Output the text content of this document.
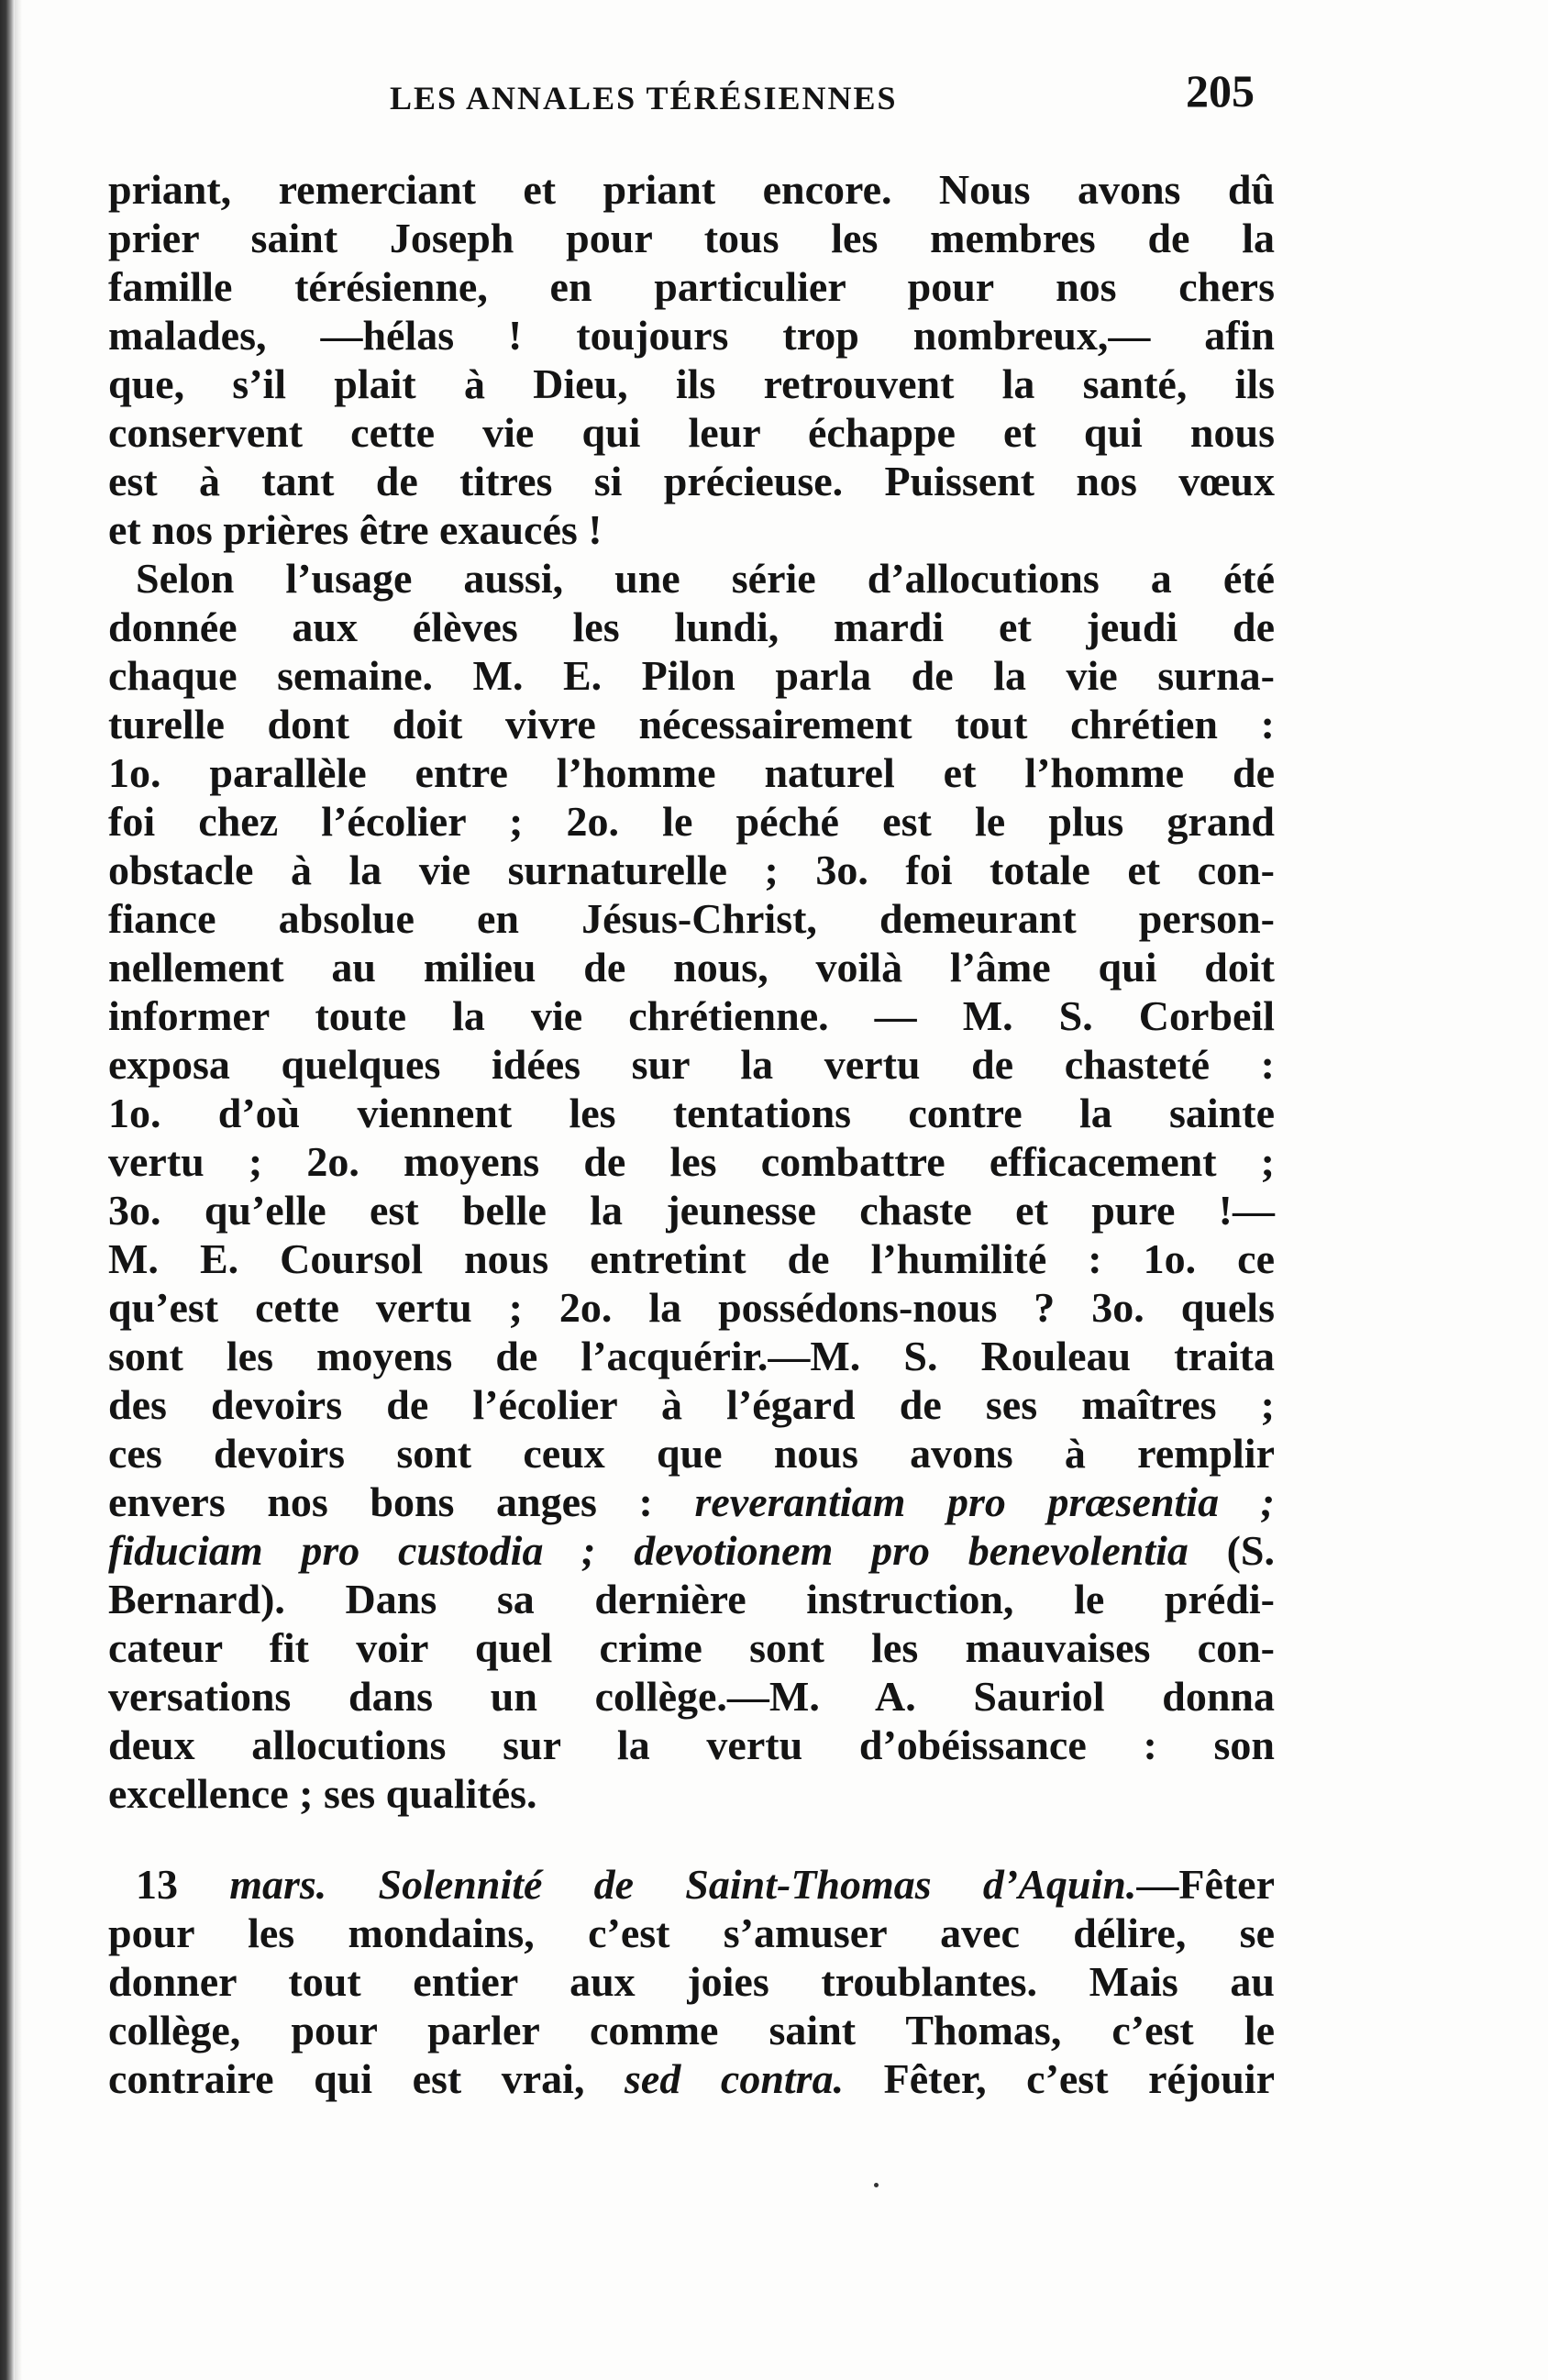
LES ANNALES TÉRÉSIENNES	205
priant, remerciant et priant encore. Nous avons dû
prier saint Joseph pour tous les membres de la
famille térésienne, en particulier pour nos chers
malades, —hélas ! toujours trop nombreux,— afin
que, s’il plait à Dieu, ils retrouvent la santé, ils
conservent cette vie qui leur échappe et qui nous
est à tant de titres si précieuse. Puissent nos vœux
et nos prières être exaucés !
Selon l’usage aussi, une série d’allocutions a été
donnée aux élèves les lundi, mardi et jeudi de
chaque semaine. M. E. Pilon parla de la vie surna-
turelle dont doit vivre nécessairement tout chrétien :
1o. parallèle entre l’homme naturel et l’homme de
foi chez l’écolier ; 2o. le péché est le plus grand
obstacle à la vie surnaturelle ; 3o. foi totale et con-
fiance absolue en Jésus-Christ, demeurant person-
nellement au milieu de nous, voilà l’âme qui doit
informer toute la vie chrétienne. — M. S. Corbeil
exposa quelques idées sur la vertu de chasteté :
1o. d’où viennent les tentations contre la sainte
vertu ; 2o. moyens de les combattre efficacement ;
3o. qu’elle est belle la jeunesse chaste et pure !—
M. E. Coursol nous entretint de l’humilité : 1o. ce
qu’est cette vertu ; 2o. la possédons-nous ? 3o. quels
sont les moyens de l’acquérir.—M. S. Rouleau traita
des devoirs de l’écolier à l’égard de ses maîtres ;
ces devoirs sont ceux que nous avons à remplir
envers nos bons anges : reverantiam pro præsentia ;
fiduciam pro custodia ; devotionem pro benevolentia (S.
Bernard). Dans sa dernière instruction, le prédi-
cateur fit voir quel crime sont les mauvaises con-
versations dans un collège.—M. A. Sauriol donna
deux allocutions sur la vertu d’obéissance : son
excellence ; ses qualités.
13 mars. Solennité de Saint-Thomas d’Aquin.—Fêter
pour les mondains, c’est s’amuser avec délire, se
donner tout entier aux joies troublantes. Mais au
collège, pour parler comme saint Thomas, c’est le
contraire qui est vrai, sed contra. Fêter, c’est réjouir
